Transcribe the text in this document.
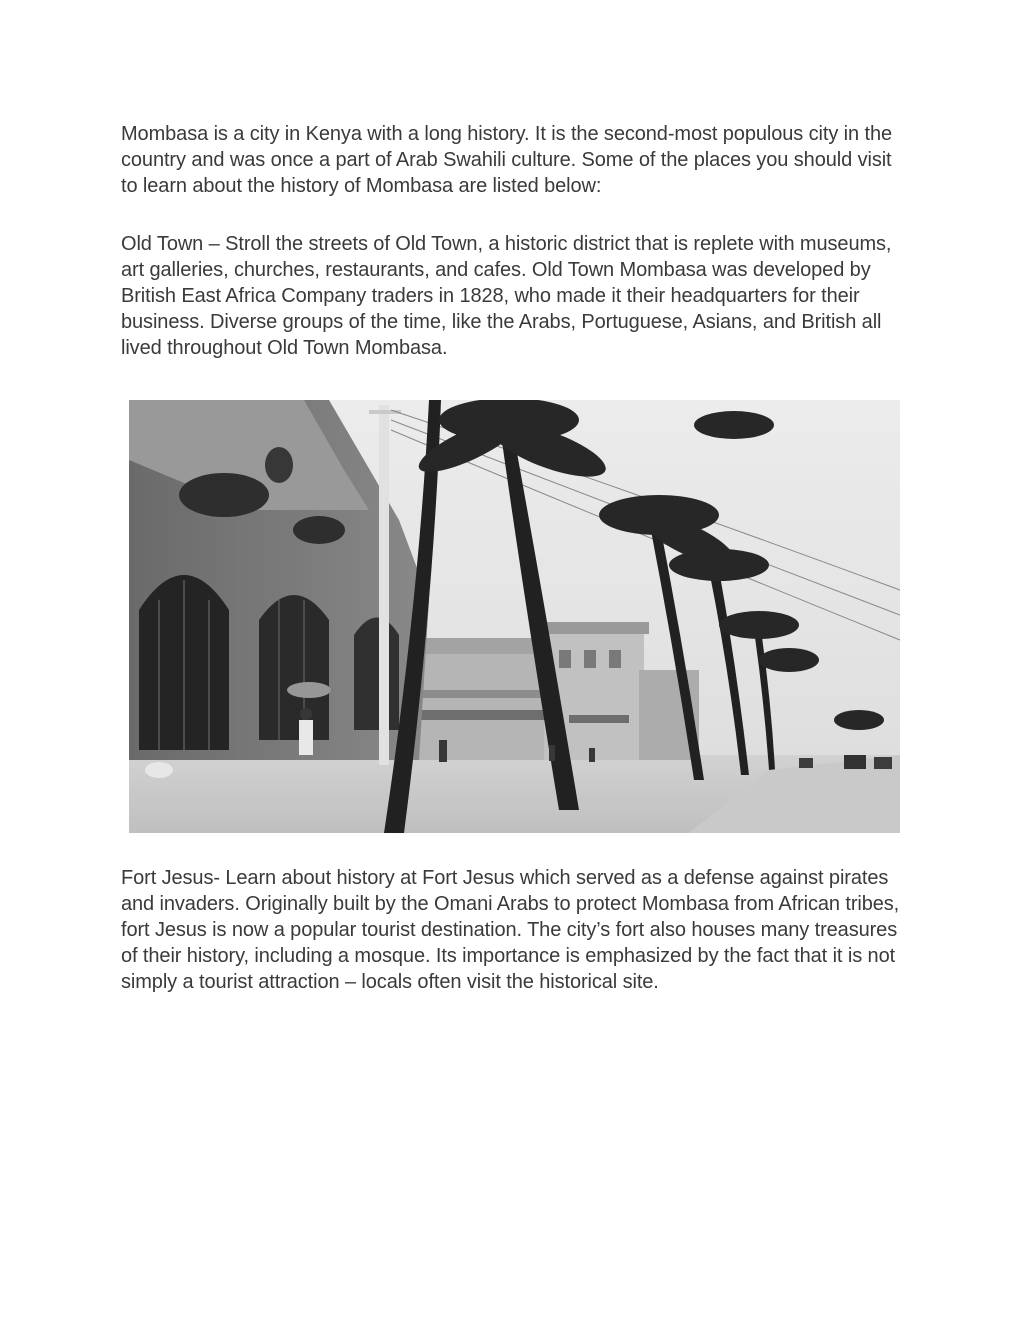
Mombasa is a city in Kenya with a long history. It is the second-most populous city in the country and was once a part of Arab Swahili culture. Some of the places you should visit to learn about the history of Mombasa are listed below:

Old Town – Stroll the streets of Old Town, a historic district that is replete with museums, art galleries, churches, restaurants, and cafes. Old Town Mombasa was developed by British East Africa Company traders in 1828, who made it their headquarters for their business. Diverse groups of the time, like the Arabs, Portuguese, Asians, and British all lived throughout Old Town Mombasa.

Fort Jesus- Learn about history at Fort Jesus which served as a defense against pirates and invaders. Originally built by the Omani Arabs to protect Mombasa from African tribes, fort Jesus is now a popular tourist destination. The city’s fort also houses many treasures of their history, including a mosque. Its importance is emphasized by the fact that it is not simply a tourist attraction – locals often visit the historical site.
